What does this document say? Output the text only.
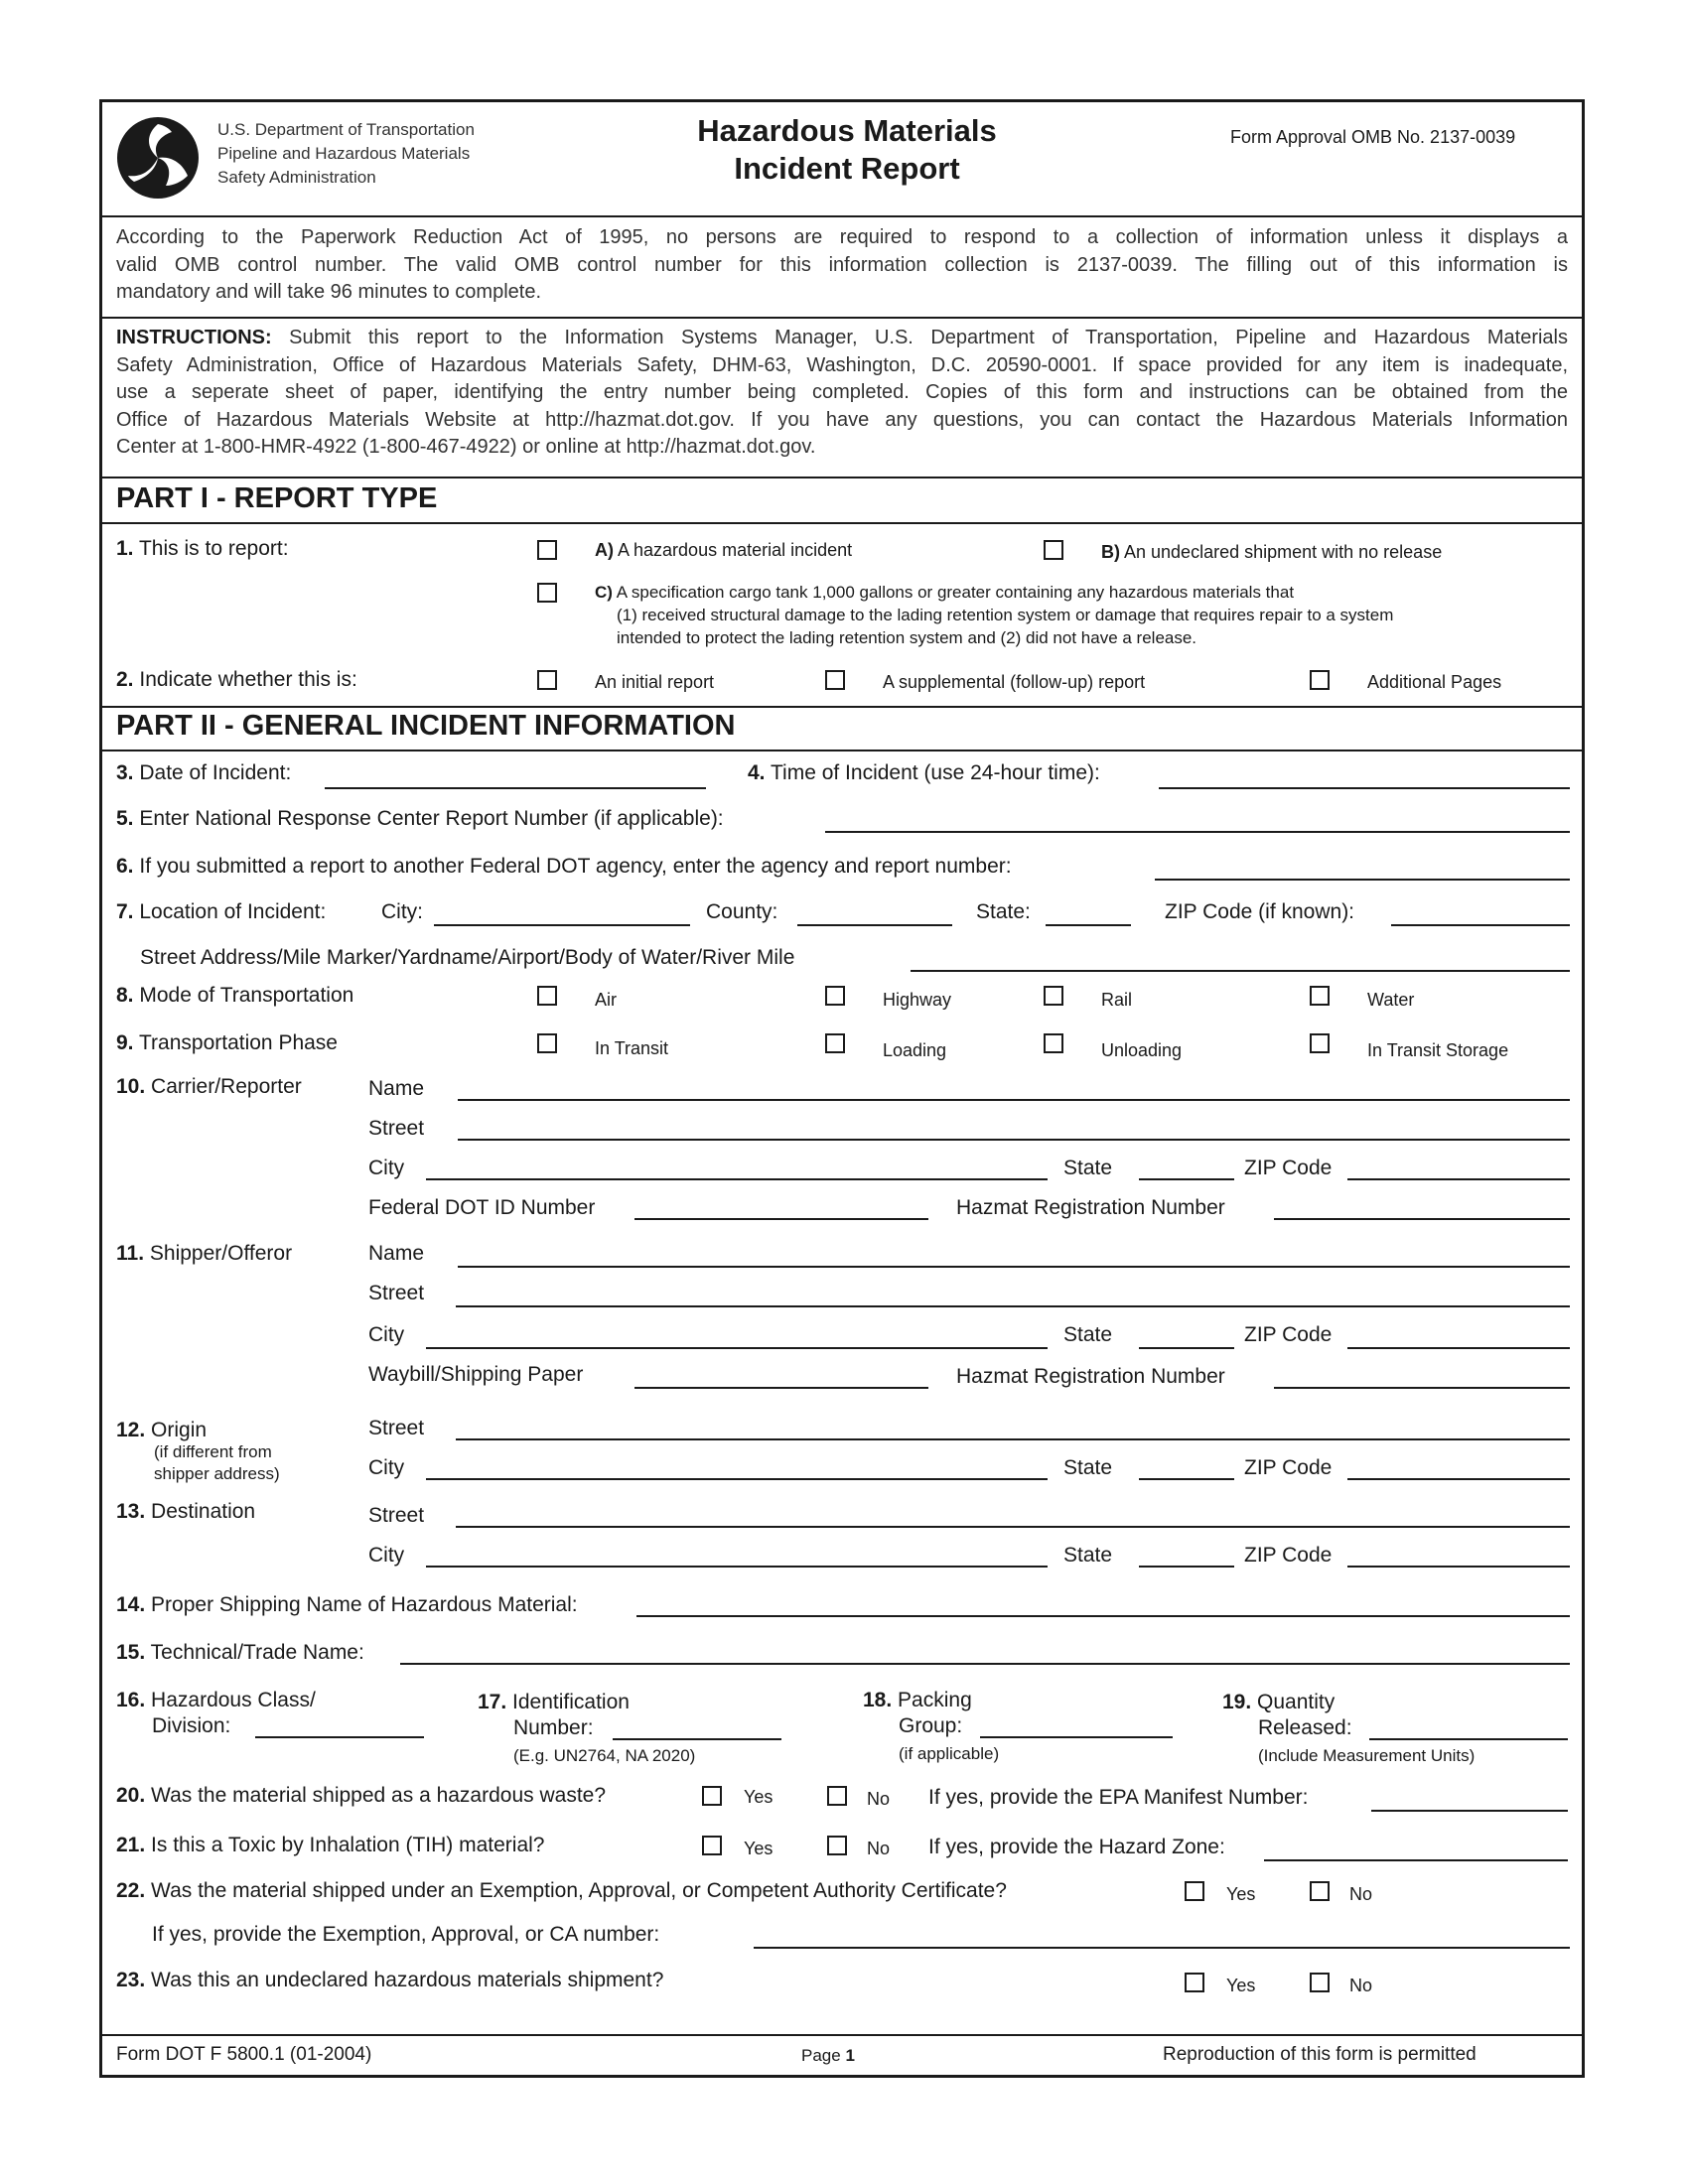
U.S. Department of Transportation
Pipeline and Hazardous Materials
Safety Administration
Hazardous Materials
Incident Report
Form Approval OMB No. 2137-0039

According to the Paperwork Reduction Act of 1995, no persons are required to respond to a collection of information unless it displays a

valid OMB control number. The valid OMB control number for this information collection is 2137-0039. The filling out of this information is

mandatory and will take 96 minutes to complete.

INSTRUCTIONS: Submit this report to the Information Systems Manager, U.S. Department of Transportation, Pipeline and Hazardous Materials

Safety Administration, Office of Hazardous Materials Safety, DHM-63, Washington, D.C. 20590-0001. If space provided for any item is inadequate,

use a seperate sheet of paper, identifying the entry number being completed. Copies of this form and instructions can be obtained from the

Office of Hazardous Materials Website at http://hazmat.dot.gov. If you have any questions, you can contact the Hazardous Materials Information

Center at 1-800-HMR-4922 (1-800-467-4922) or online at http://hazmat.dot.gov.

PART I - REPORT TYPE
1. This is to report:	A) A hazardous material incident	B) An undeclared shipment with no release
C) A specification cargo tank 1,000 gallons or greater containing any hazardous materials that
(1) received structural damage to the lading retention system or damage that requires repair to a system
intended to protect the lading retention system and (2) did not have a release.
2. Indicate whether this is:	An initial report	A supplemental (follow-up) report	Additional Pages
PART II - GENERAL INCIDENT INFORMATION
3. Date of Incident:	4. Time of Incident (use 24-hour time):
5. Enter National Response Center Report Number (if applicable):
6. If you submitted a report to another Federal DOT agency, enter the agency and report number:
7. Location of Incident:	City:	County:	State:	ZIP Code (if known):
Street Address/Mile Marker/Yardname/Airport/Body of Water/River Mile
8. Mode of Transportation	Air	Highway	Rail	Water
9. Transportation Phase	In Transit	Loading	Unloading	In Transit Storage
10. Carrier/Reporter	Name
Street
City	State	ZIP Code
Federal DOT ID Number	Hazmat Registration Number
11. Shipper/Offeror	Name
Street
City	State	ZIP Code
Waybill/Shipping Paper	Hazmat Registration Number
12. Origin
(if different from
shipper address)
Street
City	State	ZIP Code
13. Destination	Street
City	State	ZIP Code
14. Proper Shipping Name of Hazardous Material:
15. Technical/Trade Name:
16. Hazardous Class/
Division:
17. Identification
Number:
(E.g. UN2764, NA 2020)
18. Packing
Group:
(if applicable)
19. Quantity
Released:
(Include Measurement Units)
20. Was the material shipped as a hazardous waste?	Yes	No If yes, provide the EPA Manifest Number:
21. Is this a Toxic by Inhalation (TIH) material?	Yes	No If yes, provide the Hazard Zone:
22. Was the material shipped under an Exemption, Approval, or Competent Authority Certificate?	Yes	No
If yes, provide the Exemption, Approval, or CA number:
23. Was this an undeclared hazardous materials shipment?	Yes	No
Form DOT F 5800.1 (01-2004)	Page 1	Reproduction of this form is permitted
